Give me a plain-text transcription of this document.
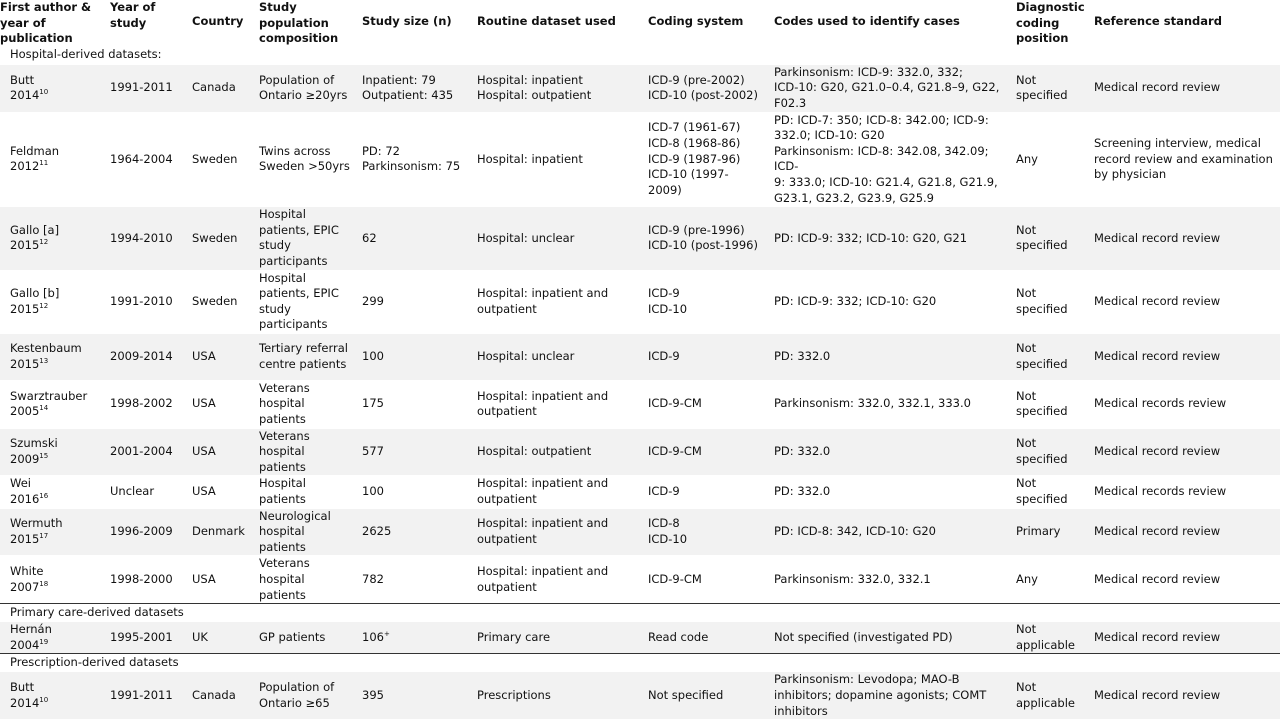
First author &
year of
publication	Year of
study	Country	Study
population
composition	Study size (n)	Routine dataset used	Coding system	Codes used to identify cases	Diagnostic
coding
position	Reference standard
Hospital-derived datasets:									
Butt
2014$^{10}$	1991-2011	Canada	Population of
Ontario ≥20yrs	Inpatient: 79
Outpatient: 435	Hospital: inpatient
Hospital: outpatient	ICD-9 (pre-2002)
ICD-10 (post-2002)	Parkinsonism: ICD-9: 332.0, 332;
ICD-10: G20, G21.0–0.4, G21.8–9, G22,
F02.3	Not
specified	Medical record review
Feldman
2012$^{11}$	1964-2004	Sweden	Twins across
Sweden >50yrs	PD: 72
Parkinsonism: 75	Hospital: inpatient	ICD-7 (1961-67)
ICD-8 (1968-86)
ICD-9 (1987-96)
ICD-10 (1997-2009)	PD: ICD-7: 350; ICD-8: 342.00; ICD-9:
332.0; ICD-10: G20
Parkinsonism: ICD-8: 342.08, 342.09; ICD-
9: 333.0; ICD-10: G21.4, G21.8, G21.9,
G23.1, G23.2, G23.9, G25.9	Any	Screening interview, medical
record review and examination
by physician
Gallo [a]
2015$^{12}$	1994-2010	Sweden	Hospital
patients, EPIC
study
participants	62	Hospital: unclear	ICD-9 (pre-1996)
ICD-10 (post-1996)	PD: ICD-9: 332; ICD-10: G20, G21	Not
specified	Medical record review
Gallo [b]
2015$^{12}$	1991-2010	Sweden	Hospital
patients, EPIC
study
participants	299	Hospital: inpatient and
outpatient	ICD-9
ICD-10	PD: ICD-9: 332; ICD-10: G20	Not
specified	Medical record review
Kestenbaum
2015$^{13}$	2009-2014	USA	Tertiary referral
centre patients	100	Hospital: unclear	ICD-9	PD: 332.0	Not
specified	Medical record review
Swarztrauber
2005$^{14}$	1998-2002	USA	Veterans
hospital
patients	175	Hospital: inpatient and
outpatient	ICD-9-CM	Parkinsonism: 332.0, 332.1, 333.0	Not
specified	Medical records review
Szumski
2009$^{15}$	2001-2004	USA	Veterans
hospital
patients	577	Hospital: outpatient	ICD-9-CM	PD: 332.0	Not
specified	Medical record review
Wei
2016$^{16}$	Unclear	USA	Hospital
patients	100	Hospital: inpatient and
outpatient	ICD-9	PD: 332.0	Not
specified	Medical records review
Wermuth
2015$^{17}$	1996-2009	Denmark	Neurological
hospital
patients	2625	Hospital: inpatient and
outpatient	ICD-8
ICD-10	PD: ICD-8: 342, ICD-10: G20	Primary	Medical record review
White
2007$^{18}$	1998-2000	USA	Veterans
hospital
patients	782	Hospital: inpatient and
outpatient	ICD-9-CM	Parkinsonism: 332.0, 332.1	Any	Medical record review
Primary care-derived datasets									
Hernán
2004$^{19}$	1995-2001	UK	GP patients	106+	Primary care	Read code	Not specified (investigated PD)	Not
applicable	Medical record review
Prescription-derived datasets									
Butt
2014$^{10}$	1991-2011	Canada	Population of
Ontario ≥65	395	Prescriptions	Not specified	Parkinsonism: Levodopa; MAO-B
inhibitors; dopamine agonists; COMT
inhibitors	Not
applicable	Medical record review
